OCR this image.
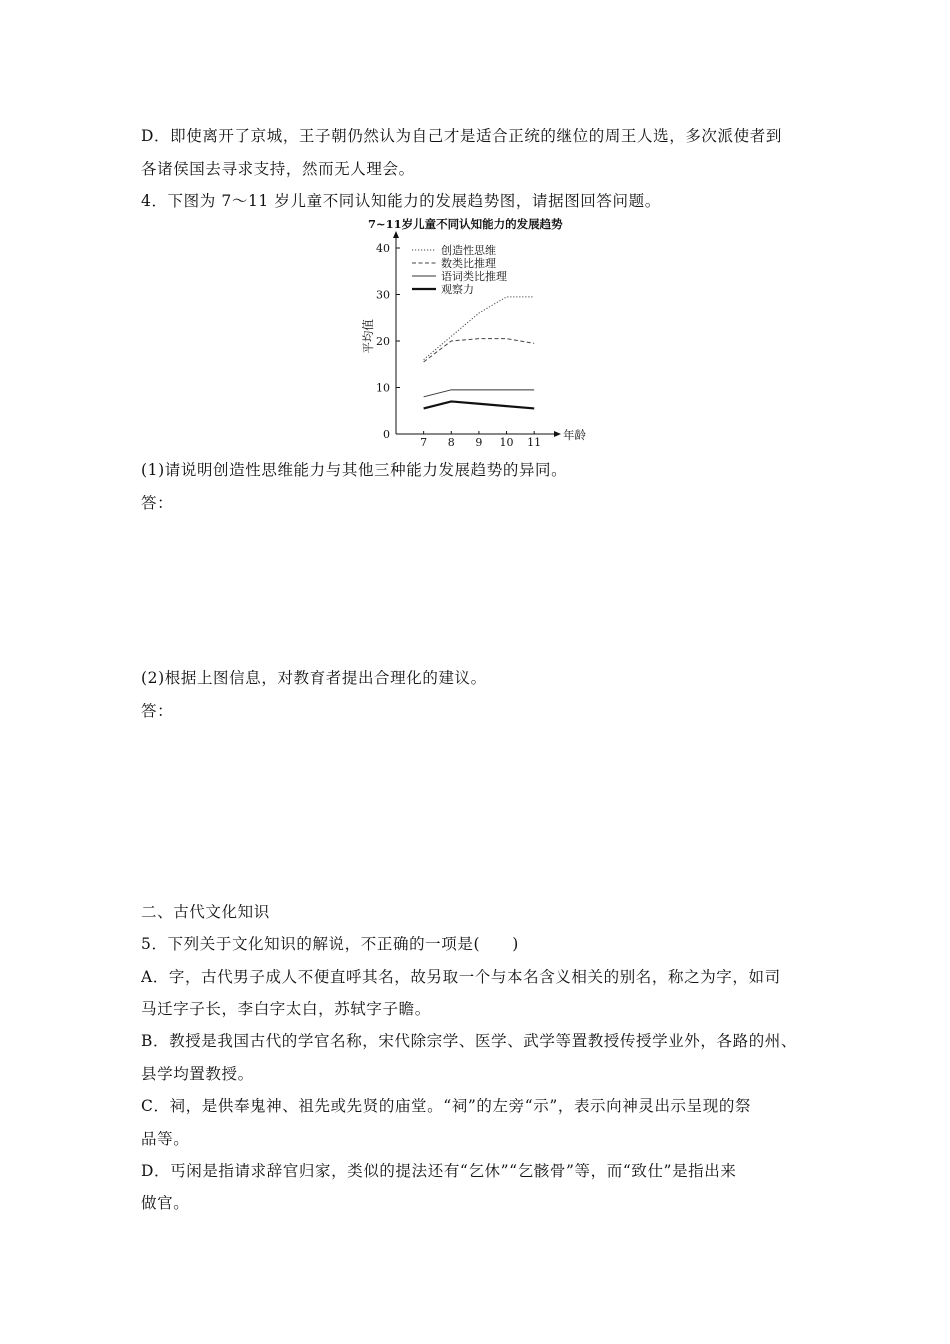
D．即使离开了京城，王子朝仍然认为自己才是适合正统的继位的周王人选，多次派使者到
各诸侯国去寻求支持，然而无人理会。
4．下图为 7～11 岁儿童不同认知能力的发展趋势图，请据图回答问题。
7~11岁儿童不同认知能力的发展趋势
0
10
20
30
40
7 8 9 10 11
年龄
平均值
创造性思维
数类比推理
语词类比推理
观察力
(1)请说明创造性思维能力与其他三种能力发展趋势的异同。
答：
(2)根据上图信息，对教育者提出合理化的建议。
答：
二、古代文化知识
5．下列关于文化知识的解说，不正确的一项是(　　)
A．字，古代男子成人不便直呼其名，故另取一个与本名含义相关的别名，称之为字，如司
马迁字子长，李白字太白，苏轼字子瞻。
B．教授是我国古代的学官名称，宋代除宗学、医学、武学等置教授传授学业外，各路的州、
县学均置教授。
C．祠，是供奉鬼神、祖先或先贤的庙堂。“祠”的左旁“示”，表示向神灵出示呈现的祭
品等。
D．丐闲是指请求辞官归家，类似的提法还有“乞休”“乞骸骨”等，而“致仕”是指出来
做官。
